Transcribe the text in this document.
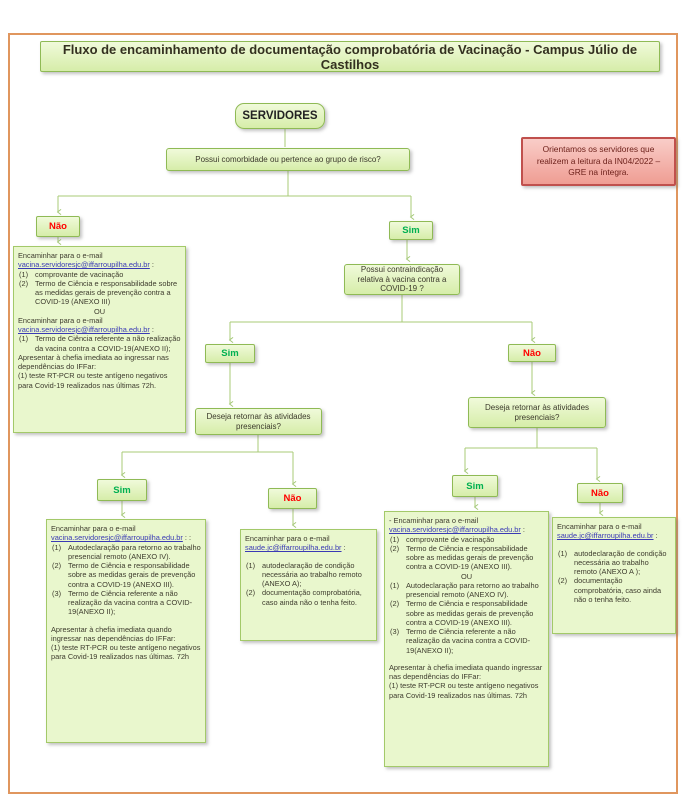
Fluxo de encaminhamento de documentação comprobatória de Vacinação - Campus Júlio de Castilhos
SERVIDORES
Possui comorbidade ou pertence ao grupo de risco?
Orientamos os servidores que realizem a leitura da IN04/2022 –GRE na íntegra.
Não	Sim
Encaminhar para o e-mail
vacina.servidoresjc@iffarroupilha.edu.br :
(1) comprovante de vacinação
(2) Termo de Ciência e responsabilidade sobre as medidas gerais de prevenção contra a COVID-19 (ANEXO III)
OU
Encaminhar para o e-mail
vacina.servidoresjc@iffarroupilha.edu.br :
(1) Termo de Ciência referente a não realização da vacina contra a COVID-19(ANEXO II);
Apresentar à chefia imediata ao ingressar nas dependências do IFFar:
(1) teste RT-PCR ou teste antígeno negativos para Covid-19 realizados nas últimas 72h.
Possui contraindicação relativa à vacina contra a COVID-19 ?
Sim	Não
Deseja retornar às atividades presenciais?
Deseja retornar às atividades presenciais?
Sim
Não
Sim
Não
Encaminhar para o e-mail
vacina.servidoresjc@iffarroupilha.edu.br : :
(1) Autodeclaração para retorno ao trabalho presencial remoto (ANEXO IV).
(2) Termo de Ciência e responsabilidade sobre as medidas gerais de prevenção contra a COVID-19 (ANEXO III).
(3) Termo de Ciência referente a não realização da vacina contra a COVID-19(ANEXO II);
Apresentar à chefia imediata quando ingressar nas dependências do IFFar:
(1) teste RT-PCR ou teste antígeno negativos para Covid-19 realizados nas últimas. 72h
Encaminhar para o e-mail
saude.jc@iffarroupilha.edu.br :
(1) autodeclaração de condição necessária ao trabalho remoto (ANEXO A);
(2) documentação comprobatória, caso ainda não o tenha feito.
- Encaminhar para o e-mail
vacina.servidoresjc@iffarroupilha.edu.br :
(1) comprovante de vacinação
(2) Termo de Ciência e responsabilidade sobre as medidas gerais de prevenção contra a COVID-19 (ANEXO III).
OU
(1) Autodeclaração para retorno ao trabalho presencial remoto (ANEXO IV).
(2) Termo de Ciência e responsabilidade sobre as medidas gerais de prevenção contra a COVID-19 (ANEXO III).
(3) Termo de Ciência referente a não realização da vacina contra a COVID-19(ANEXO II);
Apresentar à chefia imediata quando ingressar nas dependências do IFFar:
(1) teste RT-PCR ou teste antígeno negativos para Covid-19 realizados nas últimas. 72h
Encaminhar para o e-mail
saude.jc@iffarroupilha.edu.br :
(1) autodeclaração de condição necessária ao trabalho remoto (ANEXO A );
(2) documentação comprobatória, caso ainda não o tenha feito.
